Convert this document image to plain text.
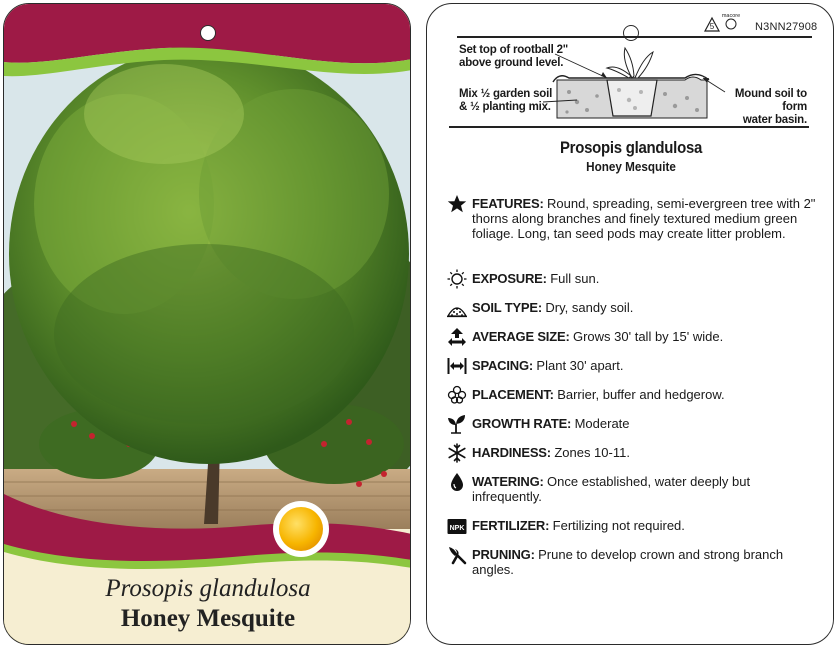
Prosopis glandulosa
Honey Mesquite
5
macore
N3NN27908
Set top of rootball 2"
above ground level.
Mix ½ garden soil
& ½ planting mix.
Mound soil to form
water basin.
Prosopis glandulosa
Honey Mesquite
FEATURES : Round, spreading, semi-evergreen tree with 2" thorns along branches and finely textured medium green foliage. Long, tan seed pods may create litter problem.
EXPOSURE : Full sun.
SOIL TYPE : Dry, sandy soil.
AVERAGE SIZE : Grows 30' tall by 15' wide.
SPACING : Plant 30' apart.
PLACEMENT : Barrier, buffer and hedgerow.
GROWTH RATE : Moderate
HARDINESS : Zones 10-11.
WATERING : Once established, water deeply but infrequently.
NPK FERTILIZER : Fertilizing not required.
PRUNING : Prune to develop crown and strong branch angles.
